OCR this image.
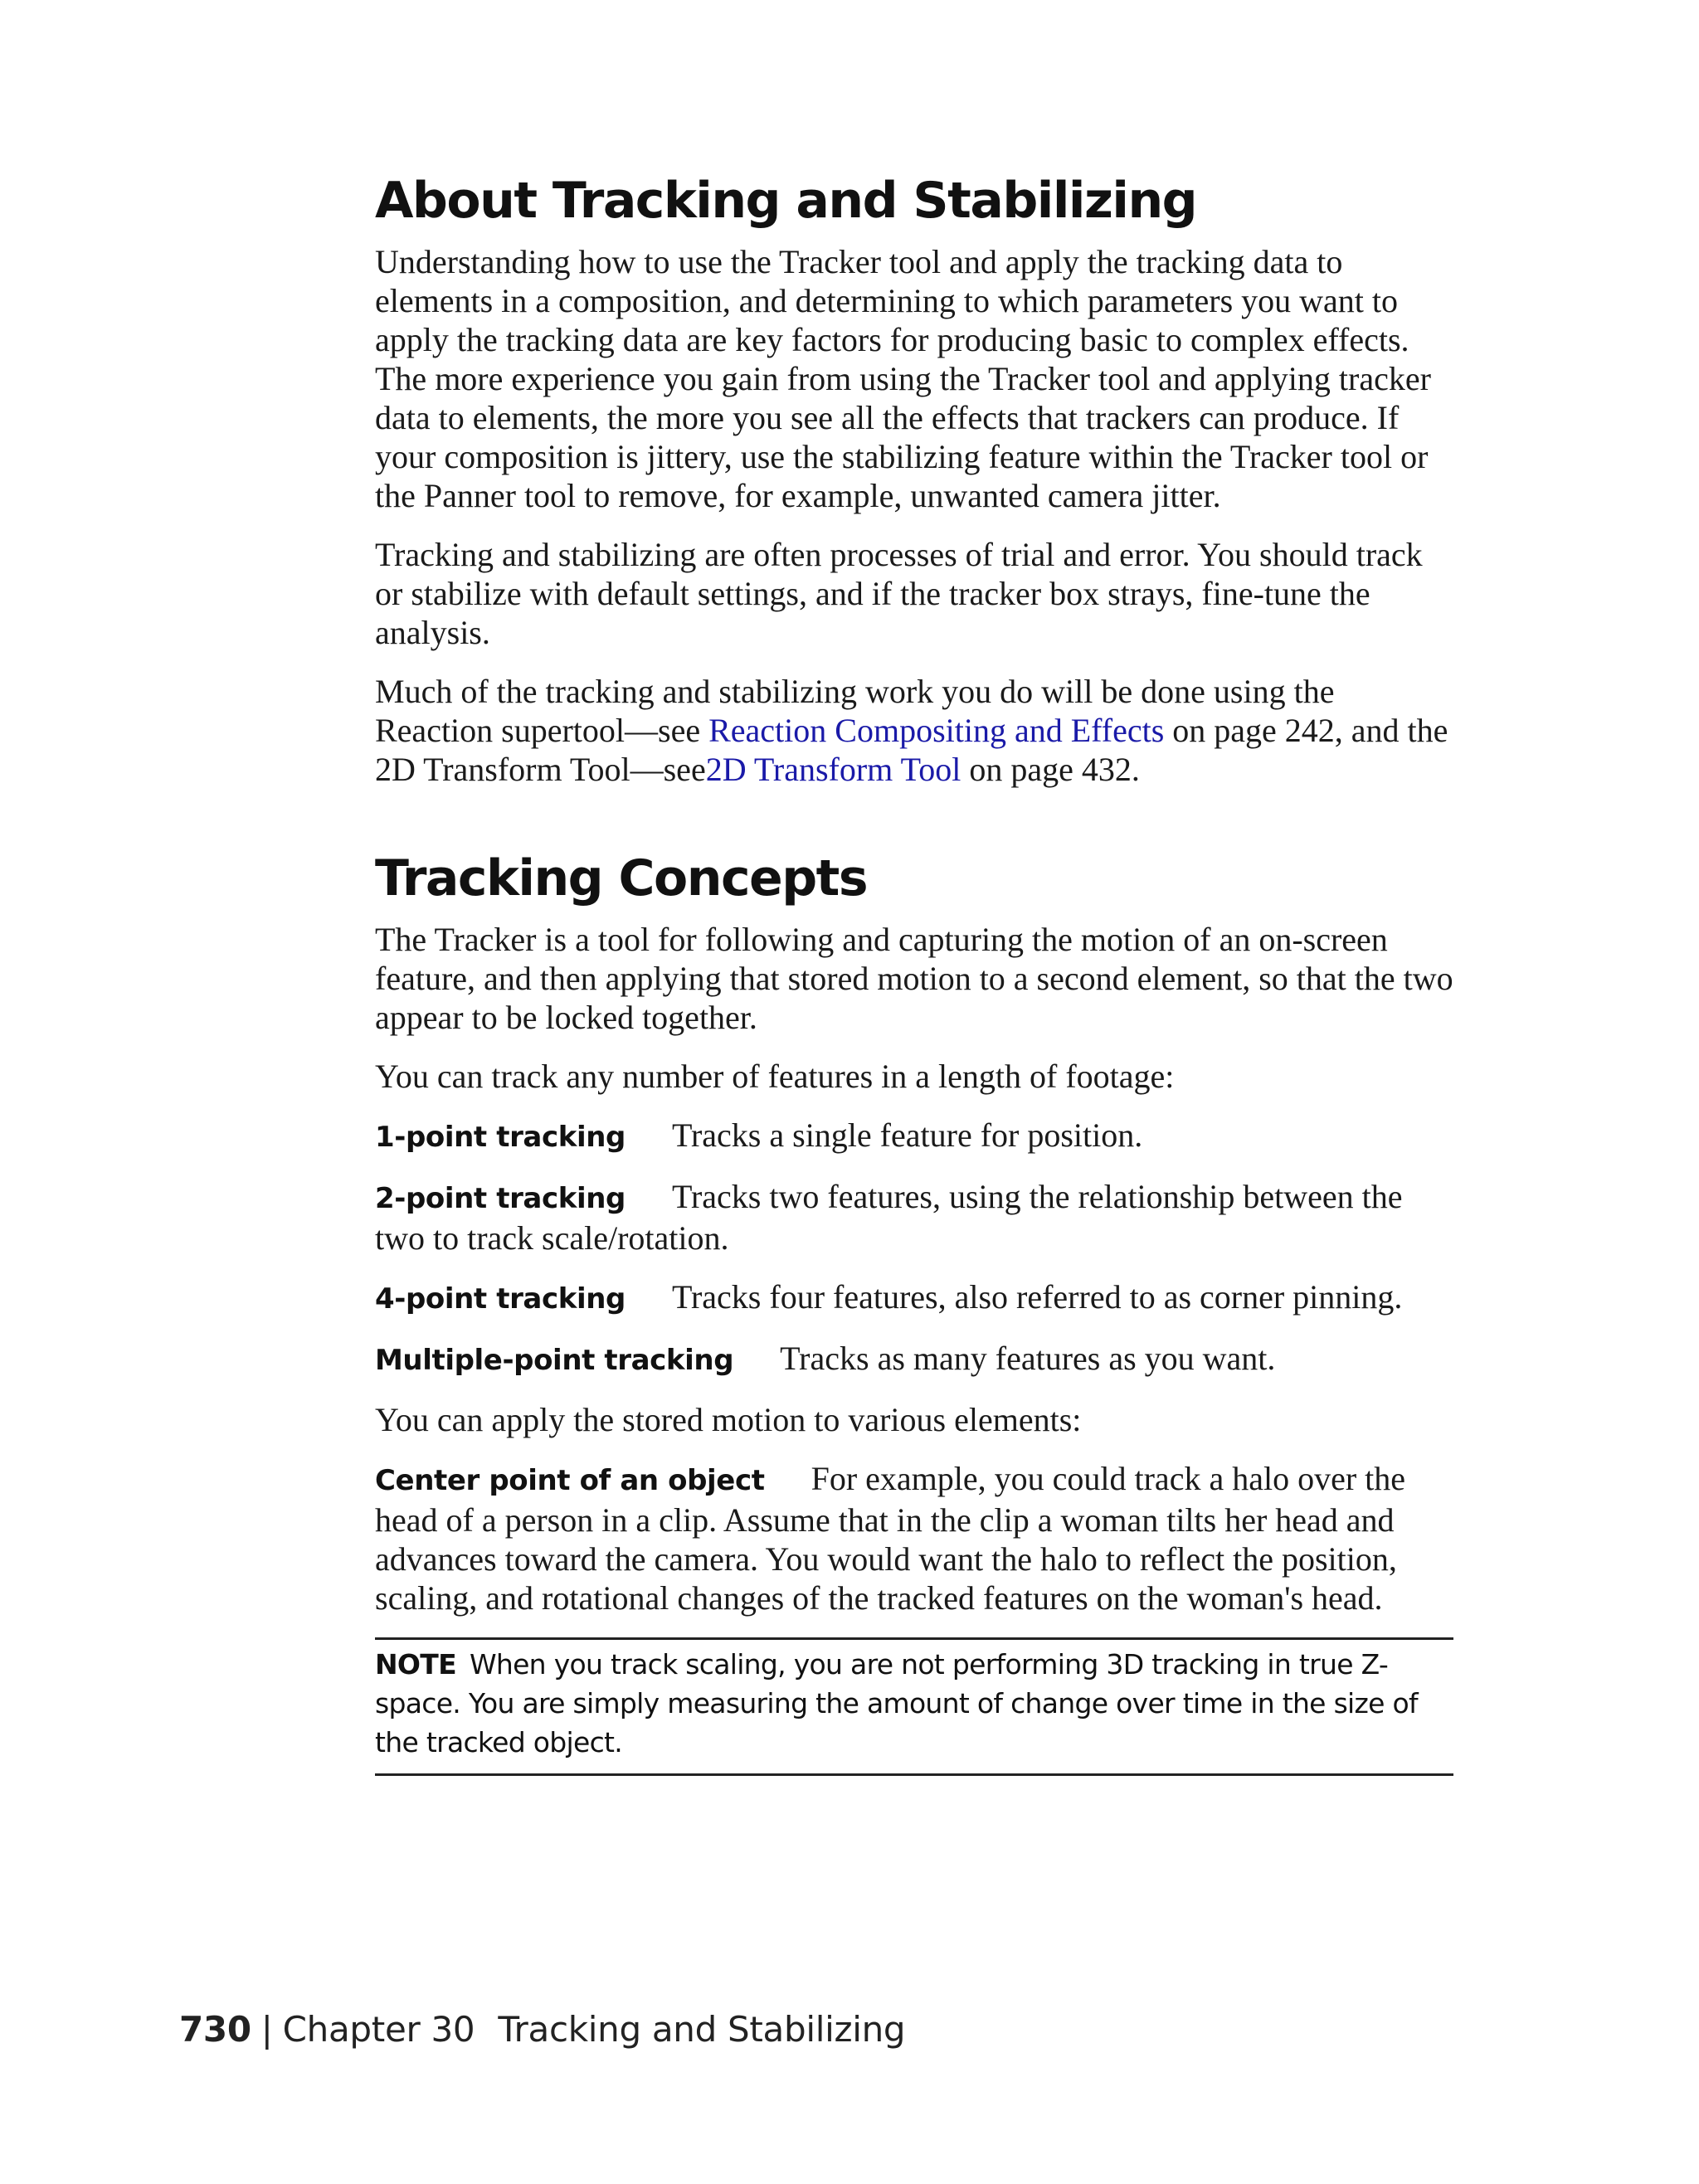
About Tracking and Stabilizing

Understanding how to use the Tracker tool and apply the tracking data to elements in a composition, and determining to which parameters you want to apply the tracking data are key factors for producing basic to complex effects. The more experience you gain from using the Tracker tool and applying tracker data to elements, the more you see all the effects that trackers can produce. If your composition is jittery, use the stabilizing feature within the Tracker tool or the Panner tool to remove, for example, unwanted camera jitter.

Tracking and stabilizing are often processes of trial and error. You should track or stabilize with default settings, and if the tracker box strays, fine-tune the analysis.

Much of the tracking and stabilizing work you do will be done using the Reaction supertool—see Reaction Compositing and Effects on page 242, and the 2D Transform Tool—see2D Transform Tool on page 432.

Tracking Concepts

The Tracker is a tool for following and capturing the motion of an on-screen feature, and then applying that stored motion to a second element, so that the two appear to be locked together.

You can track any number of features in a length of footage:

1-point tracking Tracks a single feature for position.

2-point tracking Tracks two features, using the relationship between the two to track scale/rotation.

4-point tracking Tracks four features, also referred to as corner pinning.

Multiple-point tracking Tracks as many features as you want.

You can apply the stored motion to various elements:

Center point of an object For example, you could track a halo over the head of a person in a clip. Assume that in the clip a woman tilts her head and advances toward the camera. You would want the halo to reflect the position, scaling, and rotational changes of the tracked features on the woman's head.

NOTE When you track scaling, you are not performing 3D tracking in true Z-space. You are simply measuring the amount of change over time in the size of the tracked object.
730 | Chapter 30 Tracking and Stabilizing
